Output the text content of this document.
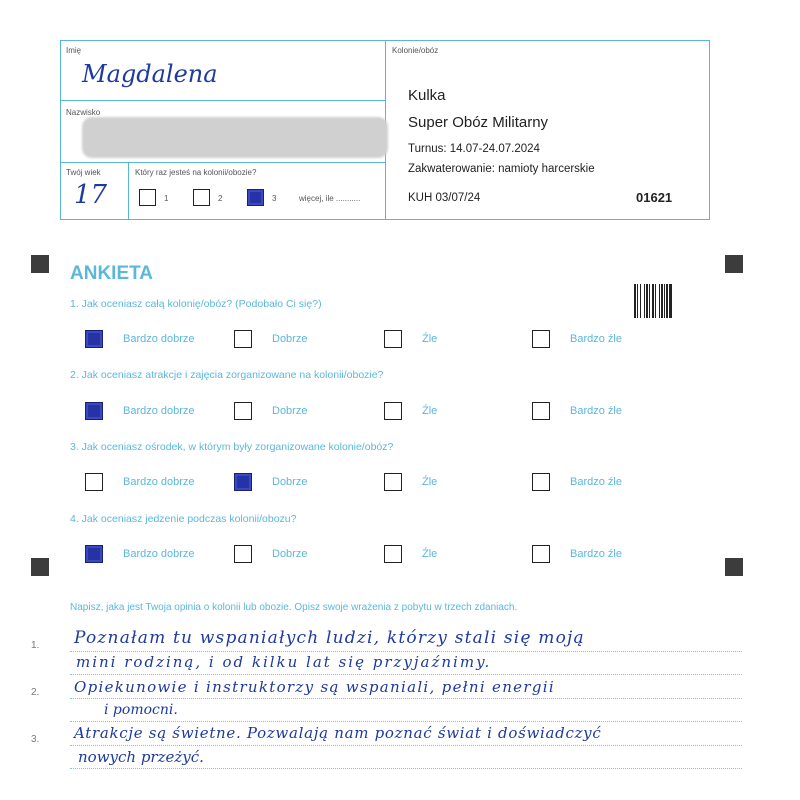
Imię
Magdalena
Nazwisko
Twój wiek
17
Który raz jesteś na kolonii/obozie?
1	2	3	więcej, ile ...........
Kolonie/obóz
Kulka
Super Obóz Militarny
Turnus: 14.07-24.07.2024
Zakwaterowanie: namioty harcerskie
KUH 03/07/24	01621
ANKIETA
1. Jak oceniasz całą kolonię/obóz? (Podobało Ci się?)
Bardzo dobrze	Dobrze	Źle	Bardzo źle
2. Jak oceniasz atrakcje i zajęcia zorganizowane na kolonii/obozie?
Bardzo dobrze	Dobrze	Źle	Bardzo źle
3. Jak oceniasz ośrodek, w którym były zorganizowane kolonie/obóz?
Bardzo dobrze	Dobrze	Źle	Bardzo źle
4. Jak oceniasz jedzenie podczas kolonii/obozu?
Bardzo dobrze	Dobrze	Źle	Bardzo źle
Napisz, jaka jest Twoja opinia o kolonii lub obozie. Opisz swoje wrażenia z pobytu w trzech zdaniach.
1.
2.
3.
Poznałam tu wspaniałych ludzi, którzy stali się moją
mini rodziną, i od kilku lat się przyjaźnimy.
Opiekunowie i instruktorzy są wspaniali, pełni energii
i pomocni.
Atrakcje są świetne. Pozwalają nam poznać świat i doświadczyć
nowych przeżyć.
